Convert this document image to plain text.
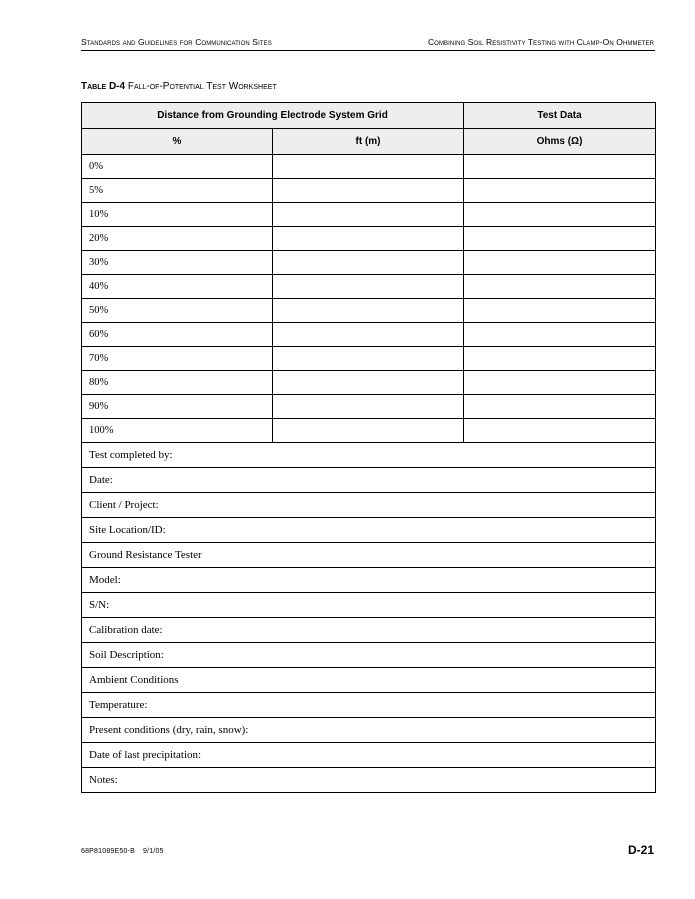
Standards and Guidelines for Communication Sites	Combining Soil Resistivity Testing with Clamp-On Ohmmeter
Table D-4 Fall-of-Potential Test Worksheet
Distance from Grounding Electrode System Grid		Test Data
%	ft (m)	Ohms (Ω)
0%		
5%		
10%		
20%		
30%		
40%		
50%		
60%		
70%		
80%		
90%		
100%		
Test completed by:		
Date:		
Client / Project:		
Site Location/ID:		
Ground Resistance Tester		
Model:		
S/N:		
Calibration date:		
Soil Description:		
Ambient Conditions		
Temperature:		
Present conditions (dry, rain, snow):		
Date of last precipitation:		
Notes:		
68P81089E50-B 9/1/05	D-21
